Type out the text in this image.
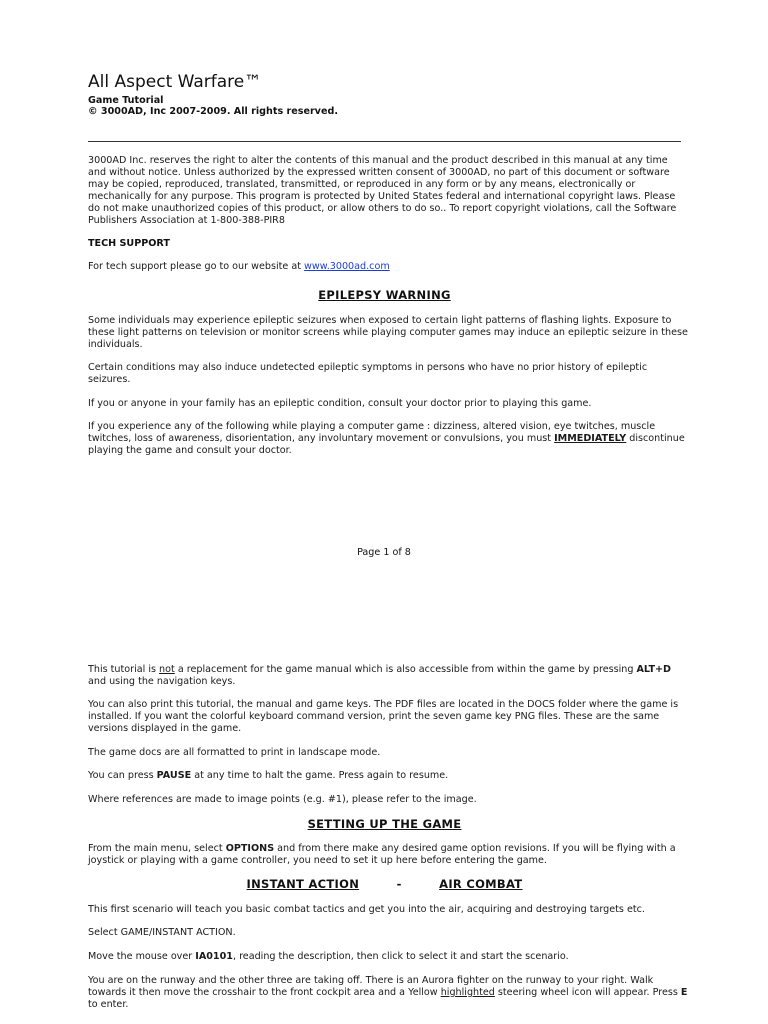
All Aspect Warfare™
Game Tutorial
© 3000AD, Inc 2007-2009. All rights reserved.
3000AD Inc. reserves the right to alter the contents of this manual and the product described in this manual at any time and without notice. Unless authorized by the expressed written consent of 3000AD, no part of this document or software may be copied, reproduced, translated, transmitted, or reproduced in any form or by any means, electronically or mechanically for any purpose. This program is protected by United States federal and international copyright laws. Please do not make unauthorized copies of this product, or allow others to do so.. To report copyright violations, call the Software Publishers Association at 1-800-388-PIR8
TECH SUPPORT
For tech support please go to our website at www.3000ad.com
EPILEPSY WARNING
Some individuals may experience epileptic seizures when exposed to certain light patterns of flashing lights. Exposure to these light patterns on television or monitor screens while playing computer games may induce an epileptic seizure in these individuals.
Certain conditions may also induce undetected epileptic symptoms in persons who have no prior history of epileptic seizures.
If you or anyone in your family has an epileptic condition, consult your doctor prior to playing this game.
If you experience any of the following while playing a computer game : dizziness, altered vision, eye twitches, muscle twitches, loss of awareness, disorientation, any involuntary movement or convulsions, you must IMMEDIATELY discontinue playing the game and consult your doctor.
Page 1 of 8
This tutorial is not a replacement for the game manual which is also accessible from within the game by pressing ALT+D and using the navigation keys.
You can also print this tutorial, the manual and game keys. The PDF files are located in the DOCS folder where the game is installed. If you want the colorful keyboard command version, print the seven game key PNG files. These are the same versions displayed in the game.
The game docs are all formatted to print in landscape mode.
You can press PAUSE at any time to halt the game. Press again to resume.
Where references are made to image points (e.g. #1), please refer to the image.
SETTING UP THE GAME
From the main menu, select OPTIONS and from there make any desired game option revisions. If you will be flying with a joystick or playing with a game controller, you need to set it up here before entering the game.
INSTANT ACTION	-	AIR COMBAT
This first scenario will teach you basic combat tactics and get you into the air, acquiring and destroying targets etc.
Select GAME/INSTANT ACTION.
Move the mouse over IA0101, reading the description, then click to select it and start the scenario.
You are on the runway and the other three are taking off. There is an Aurora fighter on the runway to your right. Walk towards it then move the crosshair to the front cockpit area and a Yellow highlighted steering wheel icon will appear. Press E to enter.
